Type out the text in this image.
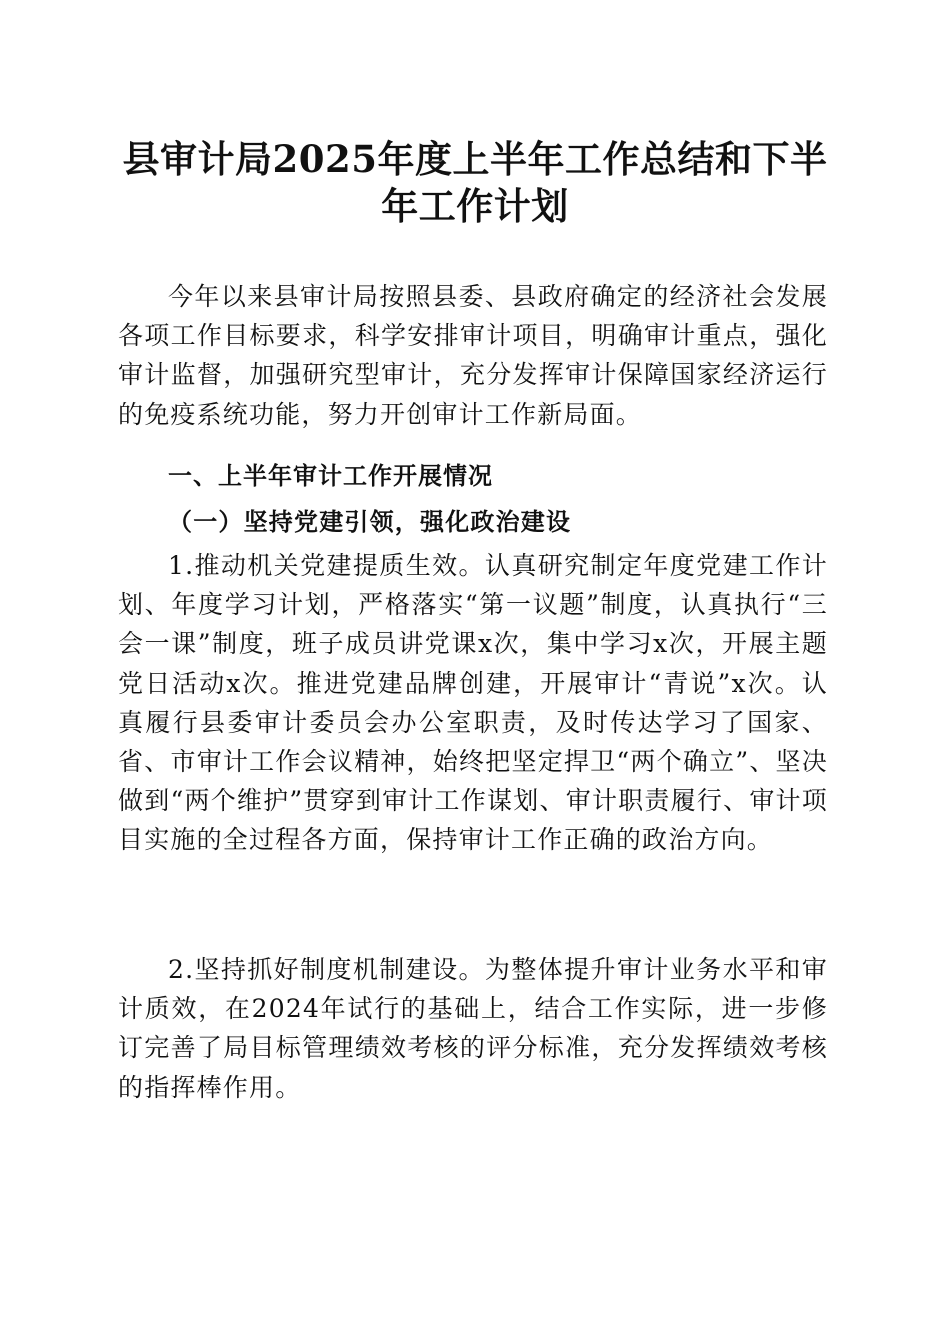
县审计局2025年度上半年工作总结和下半年工作计划

今年以来县审计局按照县委、县政府确定的经济社会发展各项工作目标要求，科学安排审计项目，明确审计重点，强化审计监督，加强研究型审计，充分发挥审计保障国家经济运行的免疫系统功能，努力开创审计工作新局面。

一、上半年审计工作开展情况
（一）坚持党建引领，强化政治建设

1.推动机关党建提质生效。认真研究制定年度党建工作计划、年度学习计划，严格落实“第一议题”制度，认真执行“三会一课”制度，班子成员讲党课x次，集中学习x次，开展主题党日活动x次。推进党建品牌创建，开展审计“青说”x次。认真履行县委审计委员会办公室职责，及时传达学习了国家、省、市审计工作会议精神，始终把坚定捍卫“两个确立”、坚决做到“两个维护”贯穿到审计工作谋划、审计职责履行、审计项目实施的全过程各方面，保持审计工作正确的政治方向。

2.坚持抓好制度机制建设。为整体提升审计业务水平和审计质效，在2024年试行的基础上，结合工作实际，进一步修订完善了局目标管理绩效考核的评分标准，充分发挥绩效考核的指挥棒作用。
